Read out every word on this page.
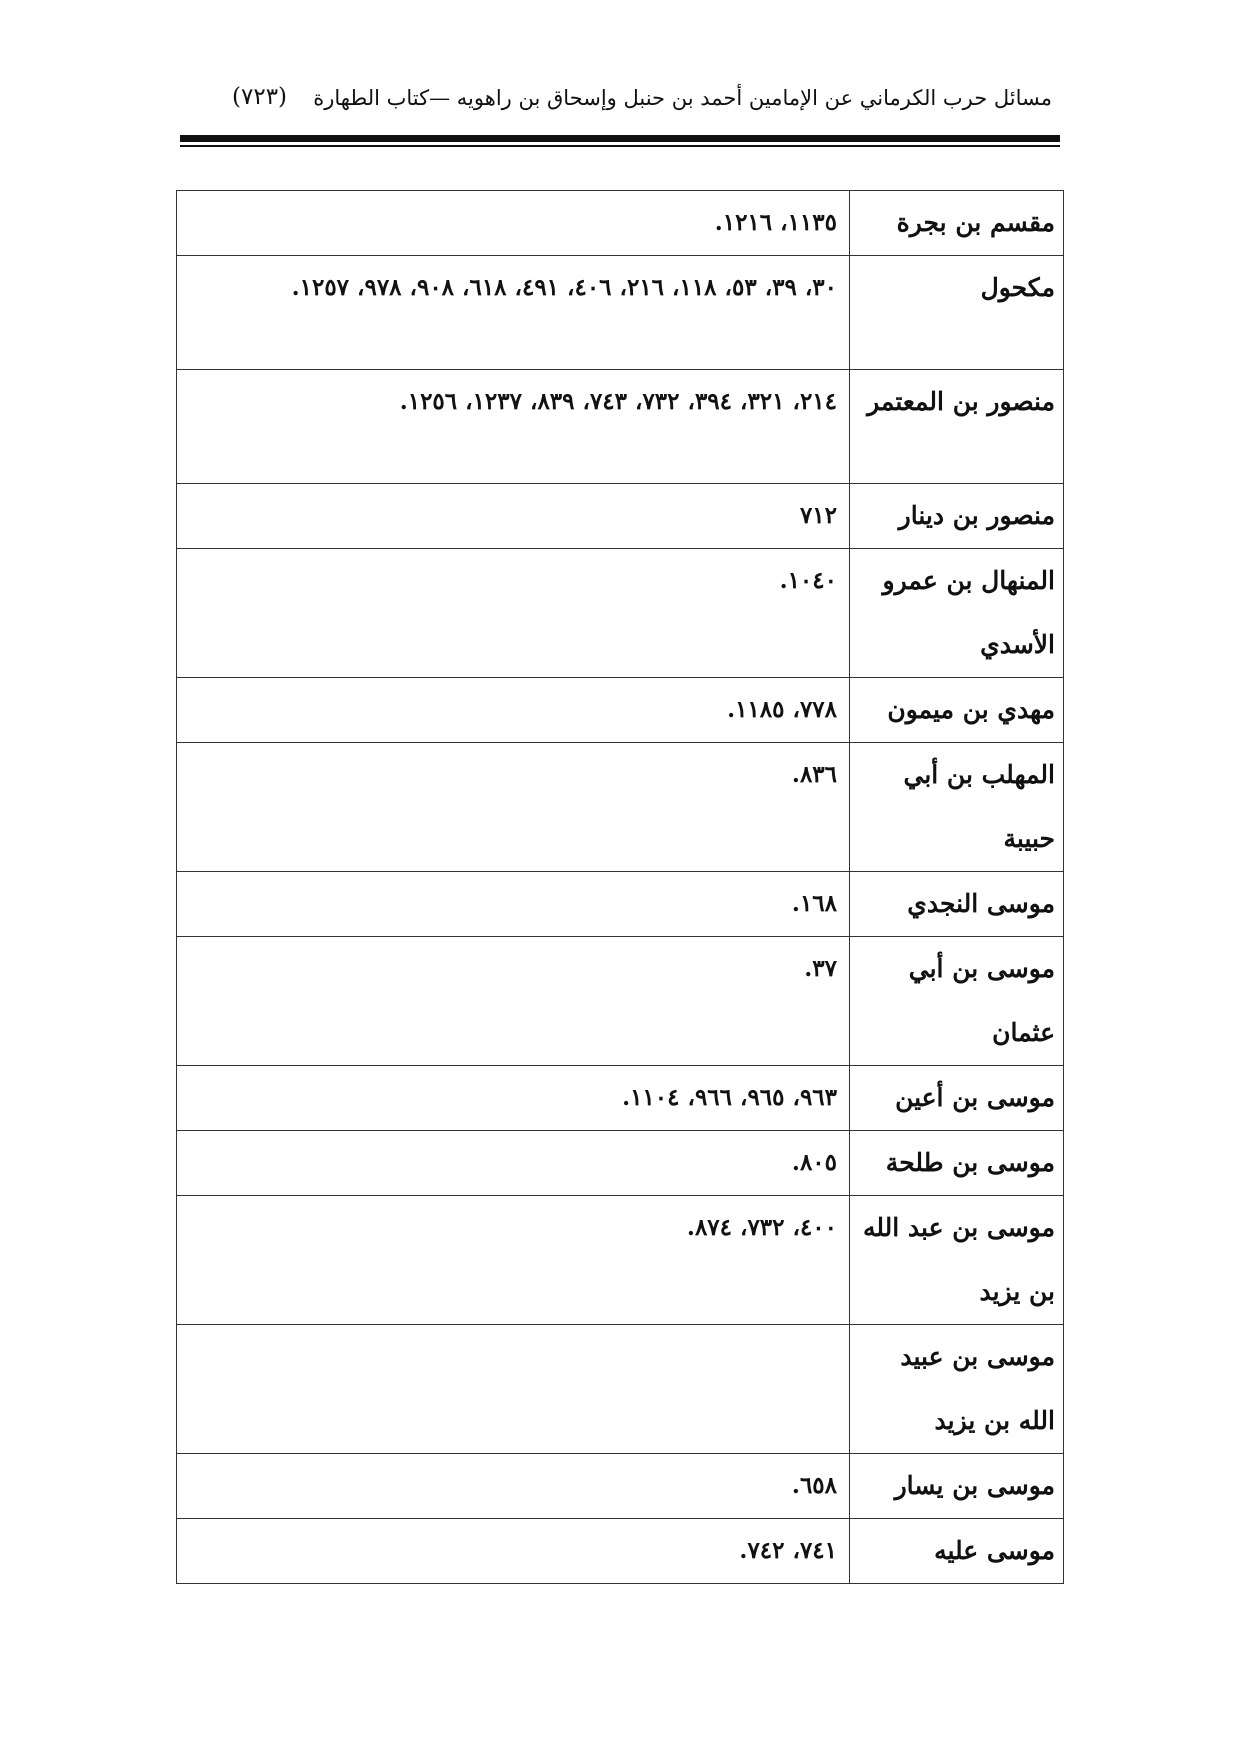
مسائل حرب الكرماني عن الإمامين أحمد بن حنبل وإسحاق بن راهويه —كتاب الطهارة
(٧٢٣)
مقسم بن بجرة	١١٣٥، ١٢١٦.
مكحول	٣٠، ٣٩، ٥٣، ١١٨، ٢١٦، ٤٠٦، ٤٩١، ٦١٨، ٩٠٨، ٩٧٨، ١٢٥٧.
منصور بن المعتمر	٢١٤، ٣٢١، ٣٩٤، ٧٣٢، ٧٤٣، ٨٣٩، ١٢٣٧، ١٢٥٦.
منصور بن دينار	٧١٢
المنهال بن عمرو الأسدي	١٠٤٠.
مهدي بن ميمون	٧٧٨، ١١٨٥.
المهلب بن أبي حبيبة	٨٣٦.
موسى النجدي	١٦٨.
موسى بن أبي عثمان	٣٧.
موسى بن أعين	٩٦٣، ٩٦٥، ٩٦٦، ١١٠٤.
موسى بن طلحة	٨٠٥.
موسى بن عبد الله بن يزيد	٤٠٠، ٧٣٢، ٨٧٤.
موسى بن عبيد الله بن يزيد	
موسى بن يسار	٦٥٨.
موسى عليه	٧٤١، ٧٤٢.
